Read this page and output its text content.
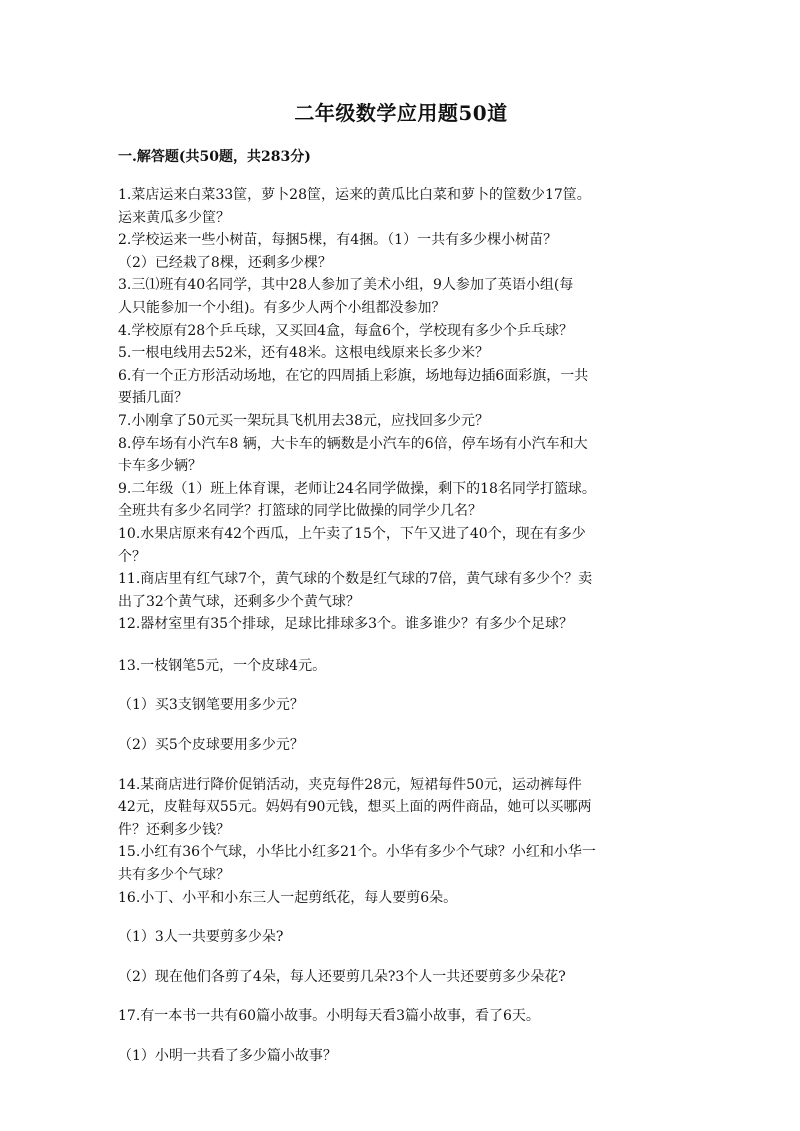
二年级数学应用题50道
一.解答题(共50题，共283分)
1.菜店运来白菜33筐，萝卜28筐，运来的黄瓜比白菜和萝卜的筐数少17筐。
运来黄瓜多少筐？
2.学校运来一些小树苗，每捆5棵，有4捆。（1）一共有多少棵小树苗？
（2）已经栽了8棵，还剩多少棵？
3.三⑴班有40名同学，其中28人参加了美术小组，9人参加了英语小组(每
人只能参加一个小组)。有多少人两个小组都没参加？
4.学校原有28个乒乓球，又买回4盒，每盒6个，学校现有多少个乒乓球？
5.一根电线用去52米，还有48米。这根电线原来长多少米？
6.有一个正方形活动场地，在它的四周插上彩旗，场地每边插6面彩旗，一共
要插几面？
7.小刚拿了50元买一架玩具飞机用去38元，应找回多少元？
8.停车场有小汽车8 辆，大卡车的辆数是小汽车的6倍，停车场有小汽车和大
卡车多少辆？
9.二年级（1）班上体育课，老师让24名同学做操，剩下的18名同学打篮球。
全班共有多少名同学？打篮球的同学比做操的同学少几名？
10.水果店原来有42个西瓜，上午卖了15个，下午又进了40个，现在有多少
个？
11.商店里有红气球7个，黄气球的个数是红气球的7倍，黄气球有多少个？卖
出了32个黄气球，还剩多少个黄气球？
12.器材室里有35个排球，足球比排球多3个。谁多谁少？有多少个足球？
13.一枝钢笔5元，一个皮球4元。
（1）买3支钢笔要用多少元？
（2）买5个皮球要用多少元？
14.某商店进行降价促销活动，夹克每件28元，短裙每件50元，运动裤每件
42元，皮鞋每双55元。妈妈有90元钱，想买上面的两件商品，她可以买哪两
件？还剩多少钱？
15.小红有36个气球，小华比小红多21个。小华有多少个气球？小红和小华一
共有多少个气球？
16.小丁、小平和小东三人一起剪纸花，每人要剪6朵。
（1）3人一共要剪多少朵?
（2）现在他们各剪了4朵，每人还要剪几朵?3个人一共还要剪多少朵花?
17.有一本书一共有60篇小故事。小明每天看3篇小故事，看了6天。
（1）小明一共看了多少篇小故事？
